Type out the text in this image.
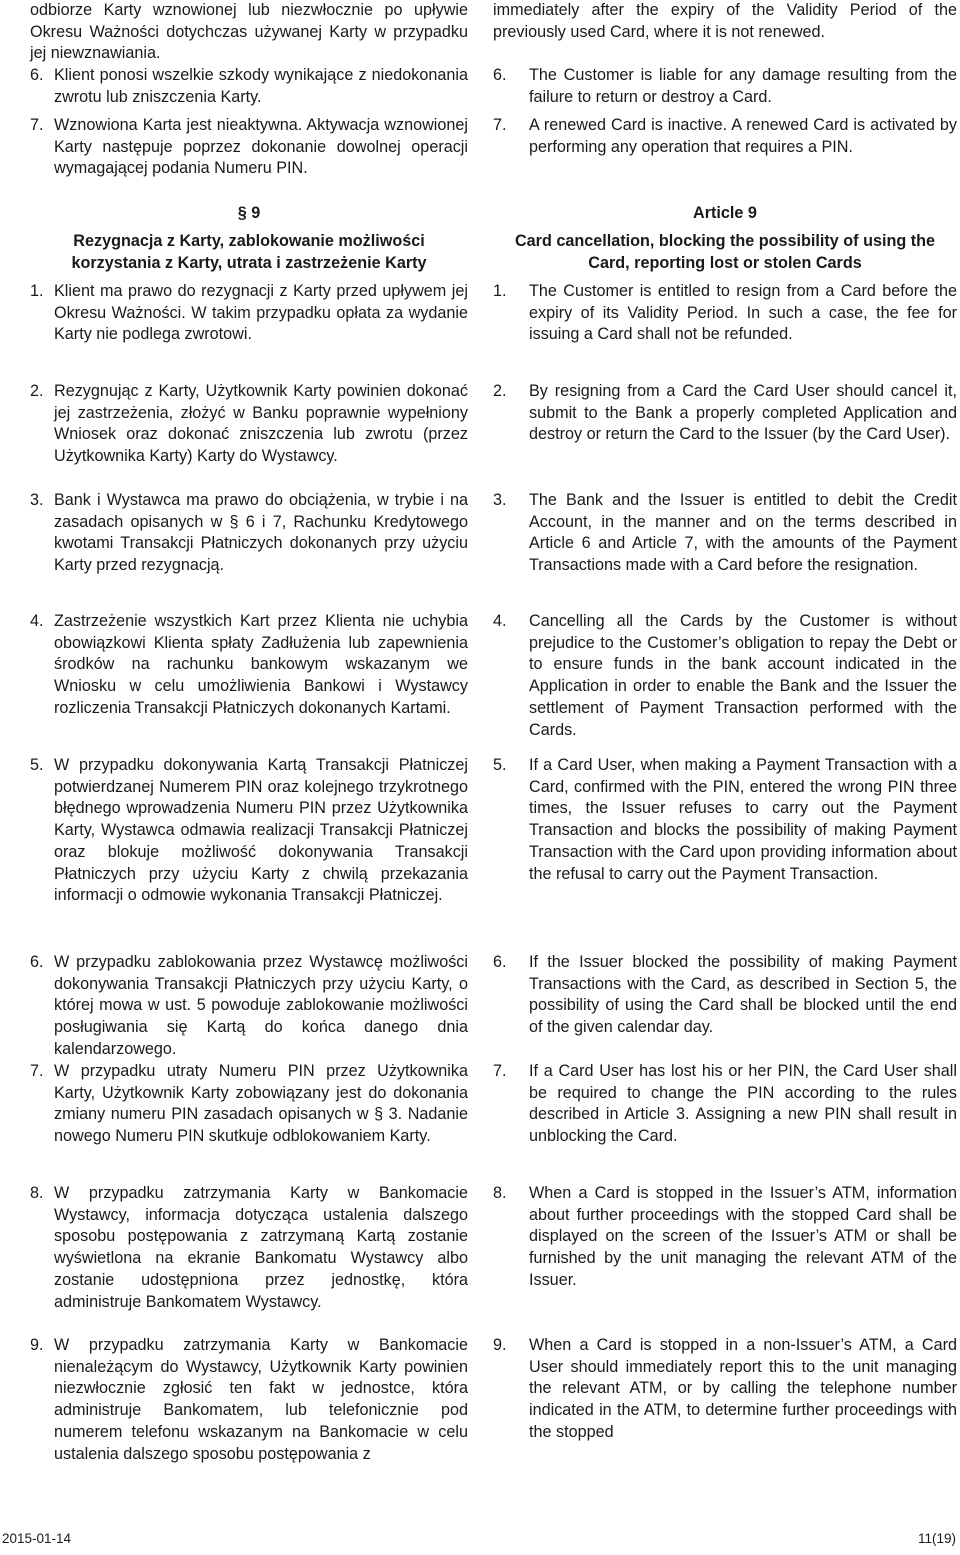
odbiorze Karty wznowionej lub niezwłocznie po upływie Okresu Ważności dotychczas używanej Karty w przypadku jej niewznawiania.
6. Klient ponosi wszelkie szkody wynikające z niedokonania zwrotu lub zniszczenia Karty.
7. Wznowiona Karta jest nieaktywna. Aktywacja wznowionej Karty następuje poprzez dokonanie dowolnej operacji wymagającej podania Numeru PIN.
§ 9
Rezygnacja z Karty, zablokowanie możliwości korzystania z Karty, utrata i zastrzeżenie Karty
1. Klient ma prawo do rezygnacji z Karty przed upływem jej Okresu Ważności. W takim przypadku opłata za wydanie Karty nie podlega zwrotowi.
2. Rezygnując z Karty, Użytkownik Karty powinien dokonać jej zastrzeżenia, złożyć w Banku poprawnie wypełniony Wniosek oraz dokonać zniszczenia lub zwrotu (przez Użytkownika Karty) Karty do Wystawcy.
3. Bank i Wystawca ma prawo do obciążenia, w trybie i na zasadach opisanych w § 6 i 7, Rachunku Kredytowego kwotami Transakcji Płatniczych dokonanych przy użyciu Karty przed rezygnacją.
4. Zastrzeżenie wszystkich Kart przez Klienta nie uchybia obowiązkowi Klienta spłaty Zadłużenia lub zapewnienia środków na rachunku bankowym wskazanym we Wniosku w celu umożliwienia Bankowi i Wystawcy rozliczenia Transakcji Płatniczych dokonanych Kartami.
5. W przypadku dokonywania Kartą Transakcji Płatniczej potwierdzanej Numerem PIN oraz kolejnego trzykrotnego błędnego wprowadzenia Numeru PIN przez Użytkownika Karty, Wystawca odmawia realizacji Transakcji Płatniczej oraz blokuje możliwość dokonywania Transakcji Płatniczych przy użyciu Karty z chwilą przekazania informacji o odmowie wykonania Transakcji Płatniczej.
6. W przypadku zablokowania przez Wystawcę możliwości dokonywania Transakcji Płatniczych przy użyciu Karty, o której mowa w ust. 5 powoduje zablokowanie możliwości posługiwania się Kartą do końca danego dnia kalendarzowego.
7. W przypadku utraty Numeru PIN przez Użytkownika Karty, Użytkownik Karty zobowiązany jest do dokonania zmiany numeru PIN zasadach opisanych w § 3. Nadanie nowego Numeru PIN skutkuje odblokowaniem Karty.
8. W przypadku zatrzymania Karty w Bankomacie Wystawcy, informacja dotycząca ustalenia dalszego sposobu postępowania z zatrzymaną Kartą zostanie wyświetlona na ekranie Bankomatu Wystawcy albo zostanie udostępniona przez jednostkę, która administruje Bankomatem Wystawcy.
9. W przypadku zatrzymania Karty w Bankomacie nienależącym do Wystawcy, Użytkownik Karty powinien niezwłocznie zgłosić ten fakt w jednostce, która administruje Bankomatem, lub telefonicznie pod numerem telefonu wskazanym na Bankomacie w celu ustalenia dalszego sposobu postępowania z
immediately after the expiry of the Validity Period of the previously used Card, where it is not renewed.
6.	The Customer is liable for any damage resulting from the failure to return or destroy a Card.
7.	A renewed Card is inactive. A renewed Card is activated by performing any operation that requires a PIN.
Article 9
Card cancellation, blocking the possibility of using the Card, reporting lost or stolen Cards
1.	The Customer is entitled to resign from a Card before the expiry of its Validity Period. In such a case, the fee for issuing a Card shall not be refunded.
2.	By resigning from a Card the Card User should cancel it, submit to the Bank a properly completed Application and destroy or return the Card to the Issuer (by the Card User).
3.	The Bank and the Issuer is entitled to debit the Credit Account, in the manner and on the terms described in Article 6 and Article 7, with the amounts of the Payment Transactions made with a Card before the resignation.
4.	Cancelling all the Cards by the Customer is without prejudice to the Customer’s obligation to repay the Debt or to ensure funds in the bank account indicated in the Application in order to enable the Bank and the Issuer the settlement of Payment Transaction performed with the Cards.
5.	If a Card User, when making a Payment Transaction with a Card, confirmed with the PIN, entered the wrong PIN three times, the Issuer refuses to carry out the Payment Transaction and blocks the possibility of making Payment Transaction with the Card upon providing information about the refusal to carry out the Payment Transaction.
6.	If the Issuer blocked the possibility of making Payment Transactions with the Card, as described in Section 5, the possibility of using the Card shall be blocked until the end of the given calendar day.
7.	If a Card User has lost his or her PIN, the Card User shall be required to change the PIN according to the rules described in Article 3. Assigning a new PIN shall result in unblocking the Card.
8.	When a Card is stopped in the Issuer’s ATM, information about further proceedings with the stopped Card shall be displayed on the screen of the Issuer’s ATM or shall be furnished by the unit managing the relevant ATM of the Issuer.
9.	When a Card is stopped in a non-Issuer’s ATM, a Card User should immediately report this to the unit managing the relevant ATM, or by calling the telephone number indicated in the ATM, to determine further proceedings with the stopped
2015-01-14	11(19)
